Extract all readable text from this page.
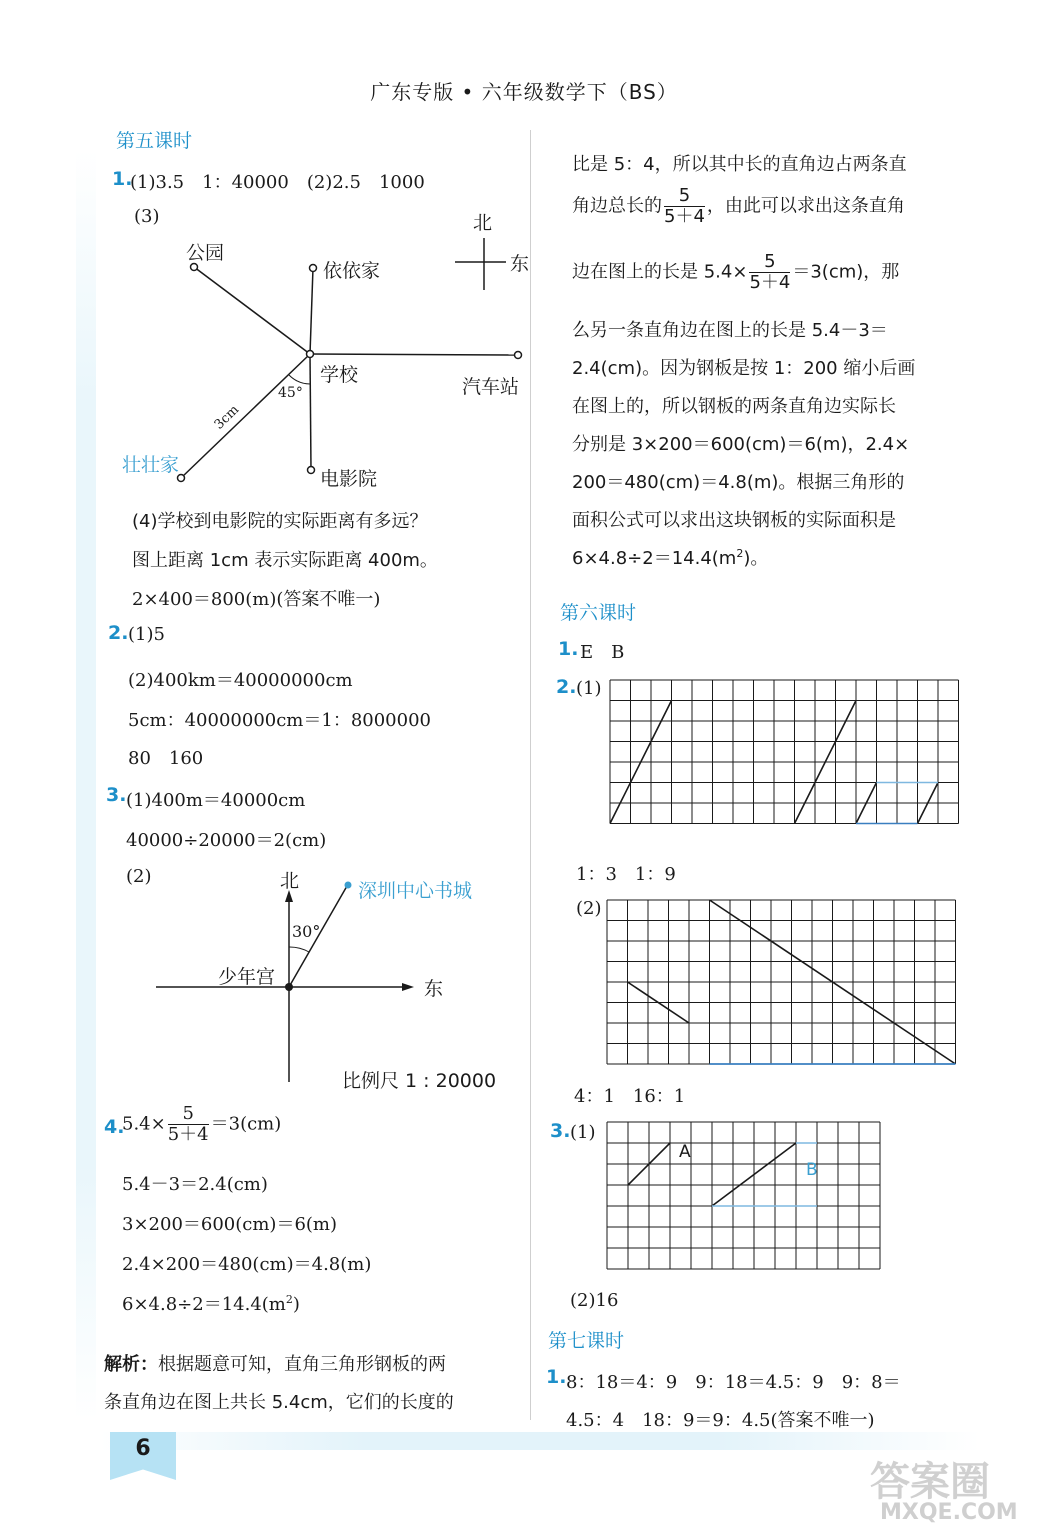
广东专版 • 六年级数学下（BS）
第五课时
1.
(1)3.5　1：40000　(2)2.5　1000
(3)
公园
依依家
学校
汽车站
壮壮家
电影院
45°
3cm
北
东
(4)学校到电影院的实际距离有多远？
图上距离 1cm 表示实际距离 400m。
2×400＝800(m)(答案不唯一)
2. (1)5
(2)400km＝40000000cm
5cm：40000000cm＝1：8000000
80　160
3. (1)400m＝40000cm
40000÷20000＝2(cm)
(2)	北
东
少年宫
深圳中心书城
30°
比例尺 1 : 20000
4.
$5.4\times \frac{5}{5+4} =3(cm)$
5.4－3＝2.4(cm)
3×200＝600(cm)＝6(m)
2.4×200＝480(cm)＝4.8(m)
$6\times 4.8\div 2=14.4(m^2)$
解析：根据题意可知，直角三角形钢板的两
条直角边在图上共长 5.4cm，它们的长度的
比是 5：4，所以其中长的直角边占两条直
角边总长的 $\frac{5}{5+4}$ ，由此可以求出这条直角
边在图上的长是 $5.4\times \frac{5}{5+4} =3(cm)$，那
么另一条直角边在图上的长是 5.4－3＝
2.4(cm)。因为钢板是按 1：200 缩小后画
在图上的，所以钢板的两条直角边实际长
分别是 3×200＝600(cm)＝6(m)，2.4×
200＝480(cm)＝4.8(m)。根据三角形的
面积公式可以求出这块钢板的实际面积是
$6\times 4.8\div 2=14.4(m^2)$。
第六课时
1. E　B
2. (1)
1：3　1：9
(2)
4：1　16：1
3. (1)
A
B
(2)16
第七课时
1. 8：18＝4：9　9：18＝4.5：9　9：8＝
4.5：4　18：9＝9：4.5(答案不唯一)
6
答案圈
MXQE.COM
